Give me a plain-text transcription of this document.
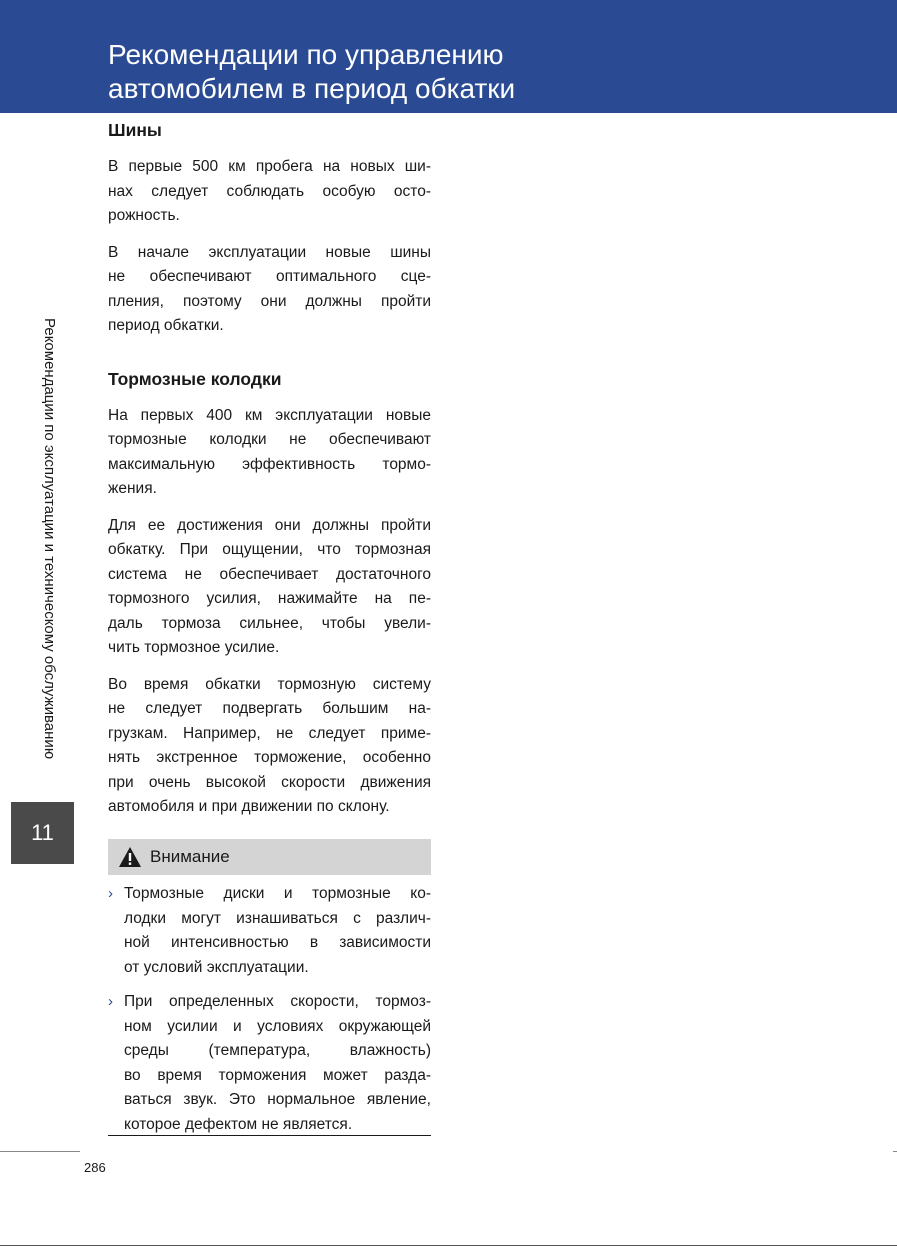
Рекомендации по управлению
автомобилем в период обкатки
Рекомендации по эксплуатации и техническому обслуживанию
11
Шины

В первые 500 км пробега на новых ши-
нах следует соблюдать особую осто-
рожность.

В начале эксплуатации новые шины
не обеспечивают оптимального сце-
пления, поэтому они должны пройти
период обкатки.

Тормозные колодки

На первых 400 км эксплуатации новые
тормозные колодки не обеспечивают
максимальную эффективность тормо-
жения.

Для ее достижения они должны пройти
обкатку. При ощущении, что тормозная
система не обеспечивает достаточного
тормозного усилия, нажимайте на пе-
даль тормоза сильнее, чтобы увели-
чить тормозное усилие.

Во время обкатки тормозную систему
не следует подвергать большим на-
грузкам. Например, не следует приме-
нять экстренное торможение, особенно
при очень высокой скорости движения
автомобиля и при движении по склону.

Внимание
› Тормозные диски и тормозные ко-
лодки могут изнашиваться с различ-
ной интенсивностью в зависимости
от условий эксплуатации.

› При определенных скорости, тормоз-
ном усилии и условиях окружающей
среды (температура, влажность)
во время торможения может разда-
ваться звук. Это нормальное явление,
которое дефектом не является.

286
